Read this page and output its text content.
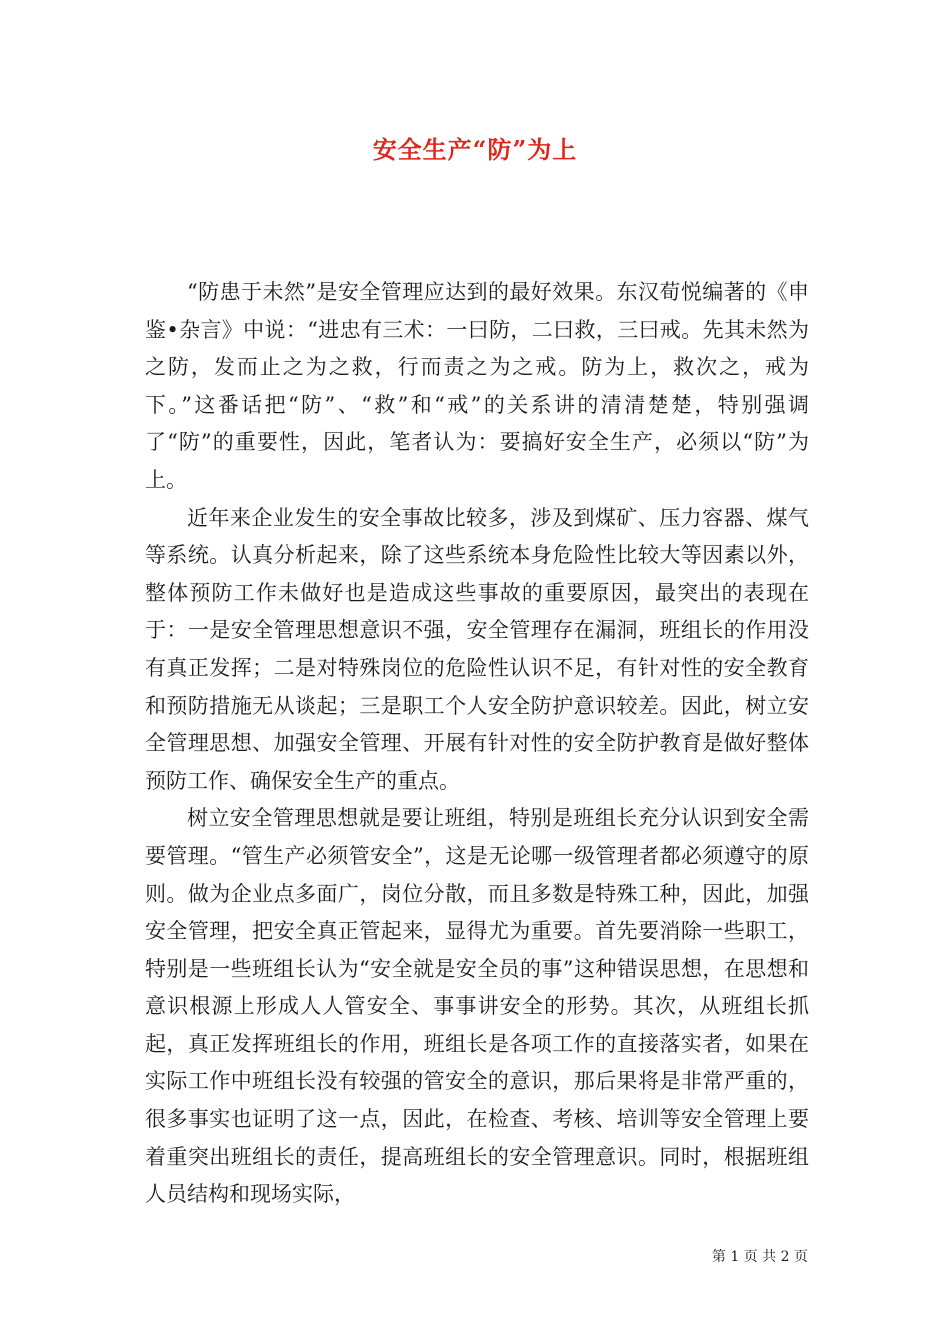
安全生产“防”为上

“防患于未然”是安全管理应达到的最好效果。东汉荀悦编著的《申鉴•杂言》中说：“进忠有三术：一曰防，二曰救，三曰戒。先其未然为之防，发而止之为之救，行而责之为之戒。防为上，救次之，戒为下。”这番话把“防”、“救”和“戒”的关系讲的清清楚楚，特别强调了“防”的重要性，因此，笔者认为：要搞好安全生产，必须以“防”为上。

近年来企业发生的安全事故比较多，涉及到煤矿、压力容器、煤气等系统。认真分析起来，除了这些系统本身危险性比较大等因素以外，整体预防工作未做好也是造成这些事故的重要原因，最突出的表现在于：一是安全管理思想意识不强，安全管理存在漏洞，班组长的作用没有真正发挥；二是对特殊岗位的危险性认识不足，有针对性的安全教育和预防措施无从谈起；三是职工个人安全防护意识较差。因此，树立安全管理思想、加强安全管理、开展有针对性的安全防护教育是做好整体预防工作、确保安全生产的重点。

树立安全管理思想就是要让班组，特别是班组长充分认识到安全需要管理。“管生产必须管安全”，这是无论哪一级管理者都必须遵守的原则。做为企业点多面广，岗位分散，而且多数是特殊工种，因此，加强安全管理，把安全真正管起来，显得尤为重要。首先要消除一些职工，特别是一些班组长认为“安全就是安全员的事”这种错误思想，在思想和意识根源上形成人人管安全、事事讲安全的形势。其次，从班组长抓起，真正发挥班组长的作用，班组长是各项工作的直接落实者，如果在实际工作中班组长没有较强的管安全的意识，那后果将是非常严重的，很多事实也证明了这一点，因此，在检查、考核、培训等安全管理上要着重突出班组长的责任，提高班组长的安全管理意识。同时，根据班组人员结构和现场实际，

第 1 页 共 2 页
